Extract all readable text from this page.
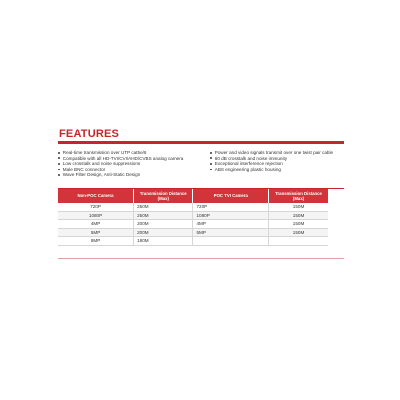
FEATURES
Real-time transmission over UTP cat5e/6
Compatible with all HD-TVI/CVI/AHD/CVBS analog camera
Low crosstalk and noise suppressions
Male BNC connector
Wave Filter Design, Anti-Static Design
Power and video signals transmit over one twist pair cable
60 dB crosstalk and noise immunity
Exceptional interference rejection
ABS engineering plastic housing
Non-POC Camera	Transmission Distance (Max)	POC TVI Camera	Transmission Distance (Max)
720P	250M	720P	150M
1080P	250M	1080P	150M
4MP	200M	4MP	150M
5MP	200M	5MP	150M
8MP	180M		
